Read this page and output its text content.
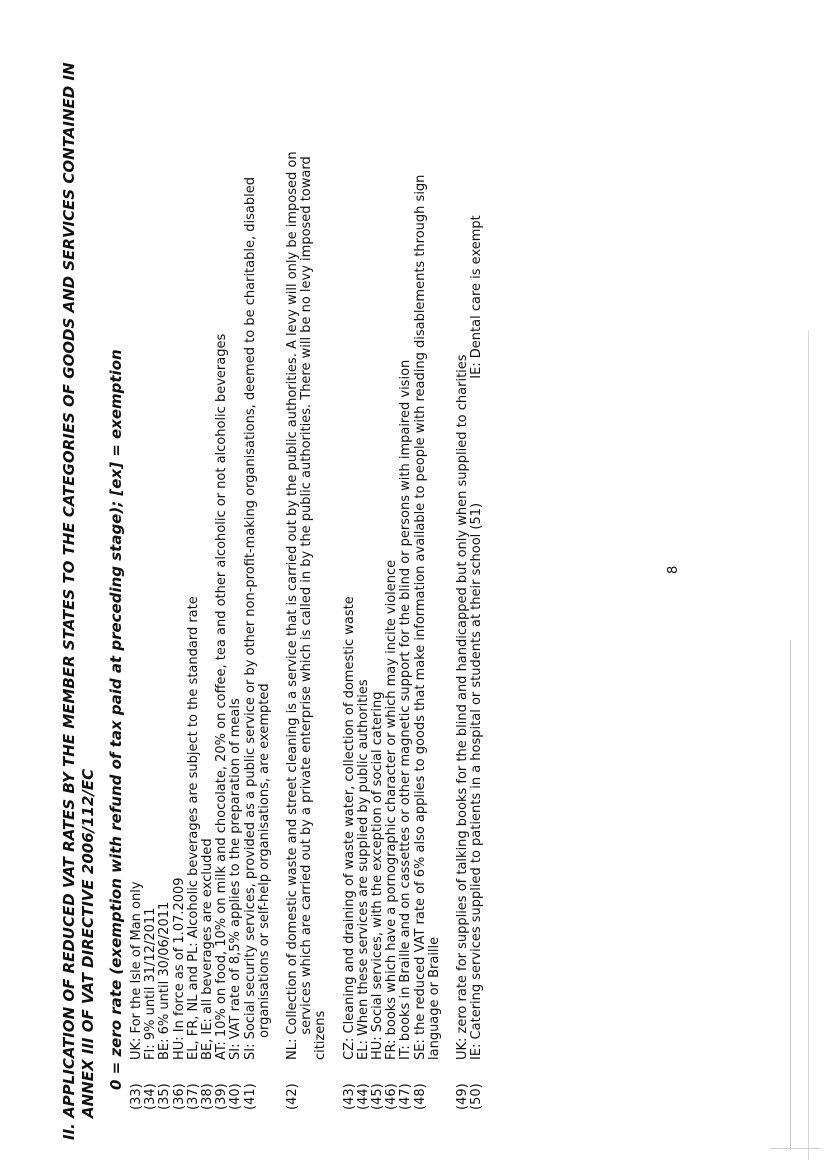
II. APPLICATION OF REDUCED VAT RATES BY THE MEMBER STATES TO THE CATEGORIES OF GOODS AND SERVICES CONTAINED IN ANNEX III OF VAT DIRECTIVE 2006/112/EC 0 = zero rate (exemption with refund of tax paid at preceding stage); [ex] = exemption
(33)
UK: For the Isle of Man only
(34)
FI: 9% until 31/12/2011
(35)
BE: 6% until 30/06/2011
(36)
HU: In force as of 1.07.2009
(37)
EL, FR, NL and PL: Alcoholic beverages are subject to the standard rate
(38)
BE, IE: all beverages are excluded
(39)
AT: 10% on food, 10% on milk and chocolate, 20% on coffee, tea and other alcoholic or not alcoholic beverages
(40)
SI: VAT rate of 8,5% applies to the preparation of meals
(41)
SI: Social security services, provided as a public service or by other non-profit-making organisations, deemed to be charitable, disabled organisations or self-help organisations, are exempted
(42)
NL:
Collection of domestic waste and street cleaning is a service that is carried out by the public authorities. A levy will only be imposed on services which are carried out by a private enterprise which is called in by the public authorities. There will be no levy imposed toward
citizens
(43)
CZ: Cleaning and draining of waste water, collection of domestic waste
(44)
EL: When these services are supplied by public authorities
(45)
HU: Social services, with the exception of social catering
(46)
FR: books which have a pornographic character or which may incite violence
(47)
IT: books in Braille and on cassettes or other magnetic support for the blind or persons with impaired vision
(48)
SE: the reduced VAT rate of 6% also applies to goods that make information available to people with reading disablements through sign language or Braille
(49)
UK: zero rate for supplies of talking books for the blind and handicapped but only when supplied to charities
(50)
IE: Catering services supplied to patients in a hospital or students at their school (51) IE: Dental care is exempt
8
